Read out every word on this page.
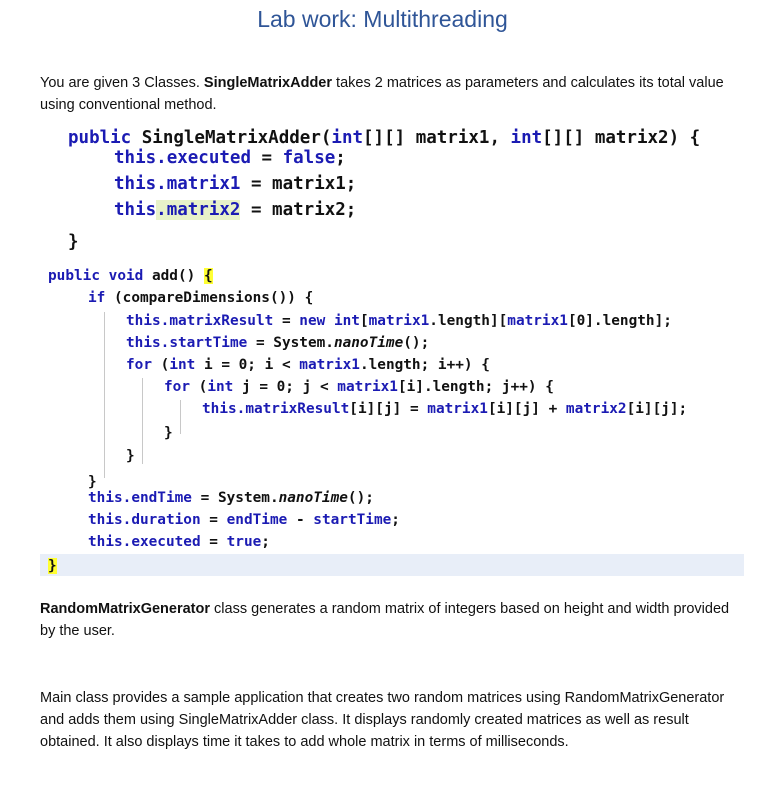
Lab work: Multithreading
You are given 3 Classes. SingleMatrixAdder takes 2 matrices as parameters and calculates its total value using conventional method.

public SingleMatrixAdder(int[][] matrix1, int[][] matrix2) {

this.executed = false;

this.matrix1 = matrix1;

this.matrix2 = matrix2;

}

public void add() {

if (compareDimensions()) {

this.matrixResult = new int[matrix1.length][matrix1[0].length];

this.startTime = System.nanoTime();

for (int i = 0; i < matrix1.length; i++) {

for (int j = 0; j < matrix1[i].length; j++) {

this.matrixResult[i][j] = matrix1[i][j] + matrix2[i][j];

}

}

}

this.endTime = System.nanoTime();

this.duration = endTime - startTime;

this.executed = true;

}

RandomMatrixGenerator class generates a random matrix of integers based on height and width provided by the user.
Main class provides a sample application that creates two random matrices using RandomMatrixGenerator and adds them using SingleMatrixAdder class. It displays randomly created matrices as well as result obtained. It also displays time it takes to add whole matrix in terms of milliseconds.
